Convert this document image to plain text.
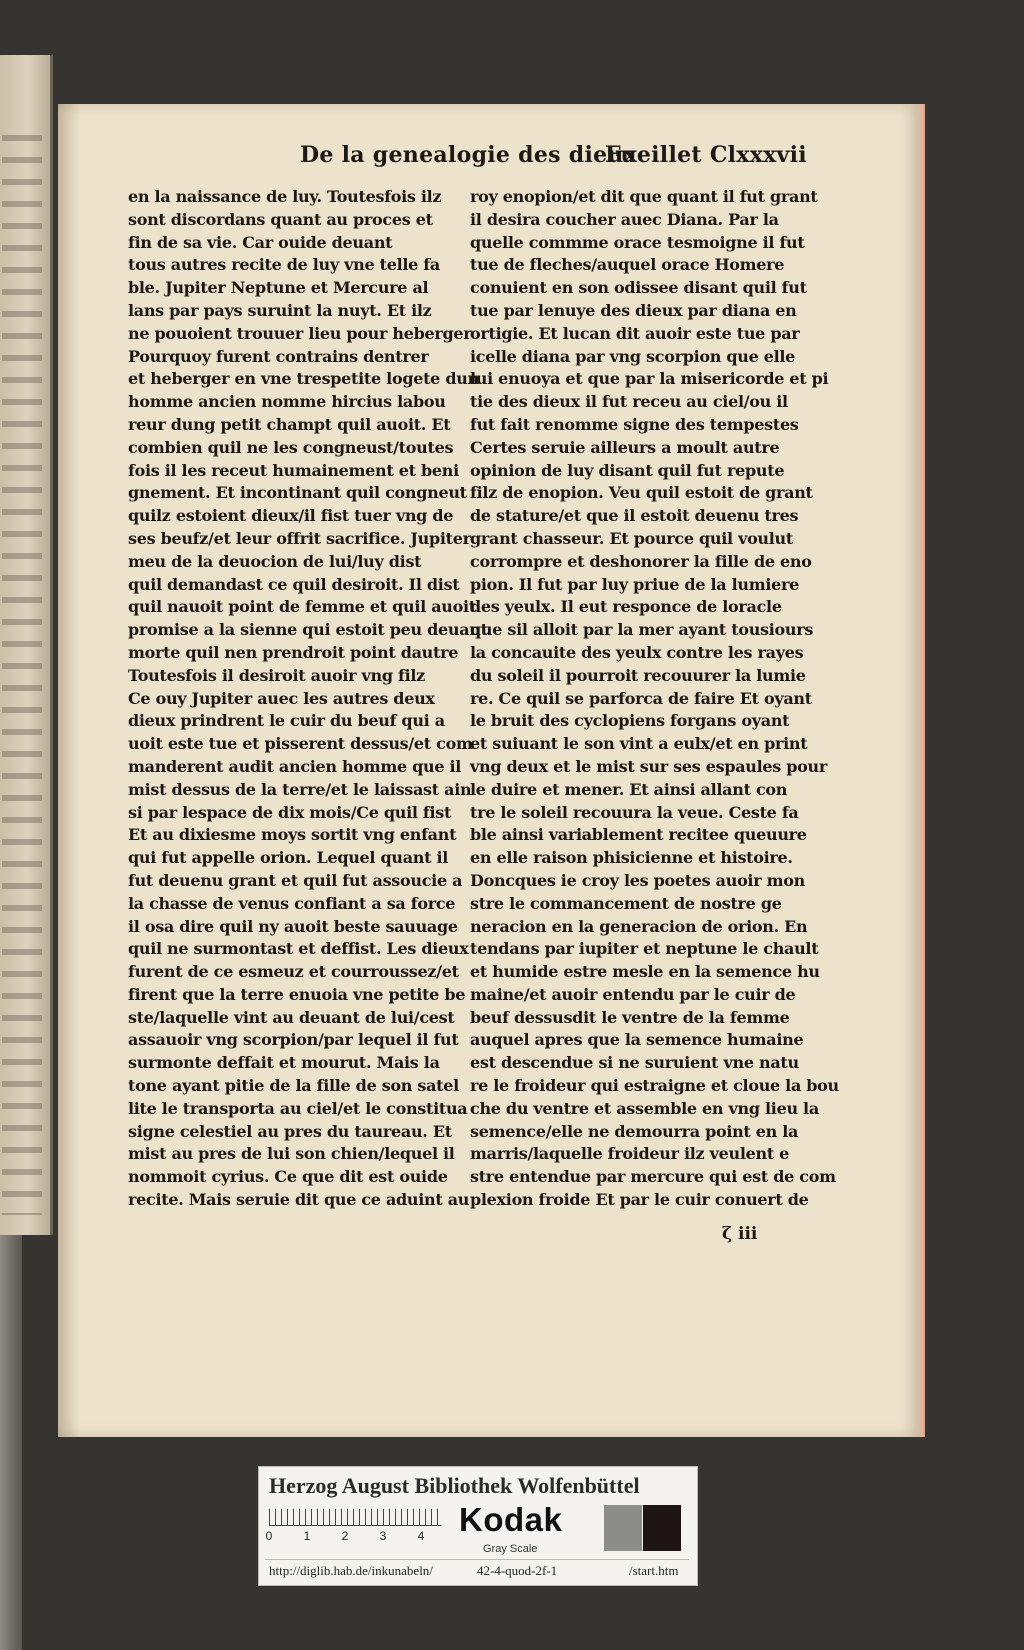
De la genealogie des dieux
Fueillet Clxxxvii
en la naissance de luy. Toutesfois ilz
sont discordans quant au proces et
fin de sa vie. Car ouide deuant
tous autres recite de luy vne telle fa
ble. Jupiter Neptune et Mercure al
lans par pays suruint la nuyt. Et ilz
ne pouoient trouuer lieu pour heberger
Pourquoy furent contrains dentrer
et heberger en vne trespetite logete dun
homme ancien nomme hircius labou
reur dung petit champt quil auoit. Et
combien quil ne les congneust/toutes
fois il les receut humainement et beni
gnement. Et incontinant quil congneut
quilz estoient dieux/il fist tuer vng de
ses beufz/et leur offrit sacrifice. Jupiter
meu de la deuocion de lui/luy dist
quil demandast ce quil desiroit. Il dist
quil nauoit point de femme et quil auoit
promise a la sienne qui estoit peu deuant
morte quil nen prendroit point dautre
Toutesfois il desiroit auoir vng filz
Ce ouy Jupiter auec les autres deux
dieux prindrent le cuir du beuf qui a
uoit este tue et pisserent dessus/et com
manderent audit ancien homme que il
mist dessus de la terre/et le laissast ain
si par lespace de dix mois/Ce quil fist
Et au dixiesme moys sortit vng enfant
qui fut appelle orion. Lequel quant il
fut deuenu grant et quil fut assoucie a
la chasse de venus confiant a sa force
il osa dire quil ny auoit beste sauuage
quil ne surmontast et deffist. Les dieux
furent de ce esmeuz et courroussez/et
firent que la terre enuoia vne petite be
ste/laquelle vint au deuant de lui/cest
assauoir vng scorpion/par lequel il fut
surmonte deffait et mourut. Mais la
tone ayant pitie de la fille de son satel
lite le transporta au ciel/et le constitua
signe celestiel au pres du taureau. Et
mist au pres de lui son chien/lequel il
nommoit cyrius. Ce que dit est ouide
recite. Mais seruie dit que ce aduint au
roy enopion/et dit que quant il fut grant
il desira coucher auec Diana. Par la
quelle commme orace tesmoigne il fut
tue de fleches/auquel orace Homere
conuient en son odissee disant quil fut
tue par lenuye des dieux par diana en
ortigie. Et lucan dit auoir este tue par
icelle diana par vng scorpion que elle
lui enuoya et que par la misericorde et pi
tie des dieux il fut receu au ciel/ou il
fut fait renomme signe des tempestes
Certes seruie ailleurs a moult autre
opinion de luy disant quil fut repute
filz de enopion. Veu quil estoit de grant
de stature/et que il estoit deuenu tres
grant chasseur. Et pource quil voulut
corrompre et deshonorer la fille de eno
pion. Il fut par luy priue de la lumiere
des yeulx. Il eut responce de loracle
que sil alloit par la mer ayant tousiours
la concauite des yeulx contre les rayes
du soleil il pourroit recouurer la lumie
re. Ce quil se parforca de faire Et oyant
le bruit des cyclopiens forgans oyant
et suiuant le son vint a eulx/et en print
vng deux et le mist sur ses espaules pour
le duire et mener. Et ainsi allant con
tre le soleil recouura la veue. Ceste fa
ble ainsi variablement recitee queuure
en elle raison phisicienne et histoire.
Doncques ie croy les poetes auoir mon
stre le commancement de nostre ge
neracion en la generacion de orion. En
tendans par iupiter et neptune le chault
et humide estre mesle en la semence hu
maine/et auoir entendu par le cuir de
beuf dessusdit le ventre de la femme
auquel apres que la semence humaine
est descendue si ne suruient vne natu
re le froideur qui estraigne et cloue la bou
che du ventre et assemble en vng lieu la
semence/elle ne demourra point en la
marris/laquelle froideur ilz veulent e
stre entendue par mercure qui est de com
plexion froide Et par le cuir conuert de
ζ iii
Herzog August Bibliothek Wolfenbüttel
0	1	2	3	4 Kodak
Gray Scale
http://diglib.hab.de/inkunabeln/	42-4-quod-2f-1	/start.htm
